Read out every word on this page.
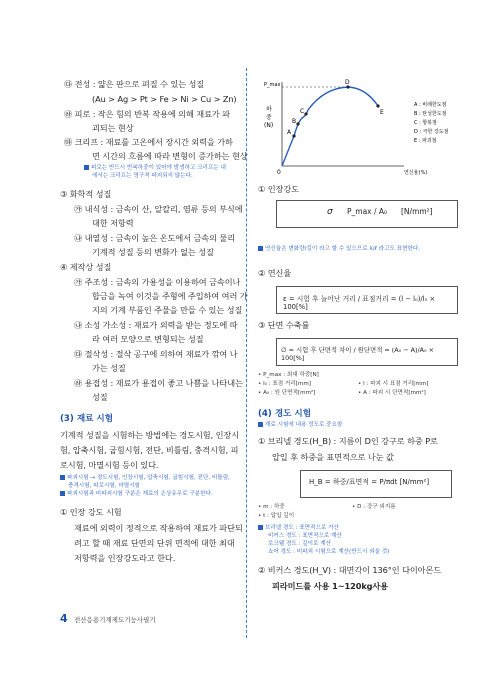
㉰ 전성 : 얇은 판으로 펴질 수 있는 성질
(Au > Ag > Pt > Fe > Ni > Cu > Zn)
㉱ 피로 : 작은 힘의 반복 작용에 의해 재료가 파
괴되는 현상
㉲ 크리프 : 재료를 고온에서 장시간 외력을 가하
면 시간의 흐름에 따라 변형이 증가하는 현상
피로는 반드시 반복하중이 있어야 발생하고 크리프는 내
에서는 크리프는 영구적 파괴되지 않는다.
③ 화학적 성질
㉮ 내식성 : 금속이 산, 알칼리, 염류 등의 부식에
대한 저항력
㉯ 내열성 : 금속이 높은 온도에서 금속의 물리
기계적 성질 등의 변화가 없는 성질
④ 제작상 성질
㉮ 주조성 : 금속의 가용성을 이용하여 금속이나
합금을 녹여 이것을 주형에 주입하여 여러 가
지의 기계 부품인 주물을 만들 수 있는 성질
㉯ 소성 가소성 : 재료가 외력을 받는 정도에 따
라 여러 모양으로 변형되는 성질
㉰ 절삭성 : 절삭 공구에 의하여 재료가 깎여 나
가는 성질
㉱ 용접성 : 재료가 용접이 좋고 나쁨을 나타내는
성질
(3) 재료 시험
기계적 성질을 시험하는 방법에는 경도시험, 인장시
험, 압축시험, 굽힘시험, 전단, 비틀림, 충격시험, 피
로시험, 마멸시험 등이 있다.
파괴시험 → 경도시험, 인장시험, 압축시험, 굽힘시험, 전단, 비틀림,
충격시험, 피로시험, 마멸시험
파괴시험과 비파괴시험 구분은 재료의 손상유무로 구분한다.
① 인장 강도 시험
재료에 외력이 정적으로 작용하여 재료가 파단되
려고 할 때 재료 단면의 단위 면적에 대한 최대
저항력을 인장강도라고 한다.
A
B
C
D
E
P_max
하
중
(N)
0	연신율(%)
A : 비례한도점
B : 탄성한도점
C : 항복점
D : 극한 강도점
E : 파괴점
① 인장강도
σ P_max / A₀ [N/mm²]
연신율은 변화량/길이 라고 할 수 있으므로 λ/ℓ 라고도 표현한다.
② 연신율
ε = 시험 후 늘어난 거리 / 표점거리 = (l − l₀)/l₀ × 100[%]
③ 단면 수축률
∅ = 시험 후 단면적 차이 / 원단면적 = (A₀ − A)/A₀ × 100[%]
• P_max : 최대 하중[N]
• l₀ : 표점 거리[mm]	• l : 파괴 시 표점 거리[mm]
• A₀ : 원 단면적[mm²]	• A : 파괴 시 단면적[mm²]
(4) 경도 시험
재료 시험에 내용 정도로 중요함
① 브리넬 경도(H_B) : 지름이 D인 강구로 하중 P로
압입 후 하중을 표면적으로 나눈 값
H_B = 하중/표면적 = P/πdt [N/mm²]
• m : 하중	• D : 강구 외지름
• t : 압입 깊이
브리넬 경도 : 표면적으로 거산
비커스 경도 : 표면적으로 계산
로크웰 경도 : 깊이로 계산
쇼어 경도 : 비파괴 시험으로 계산(반드시 외울 것)
② 비커스 경도(H_V) : 대면각이 136°인 다이아몬드
피라미드를 사용 1~120kg사용
4 전산응용기계제도기능사필기
